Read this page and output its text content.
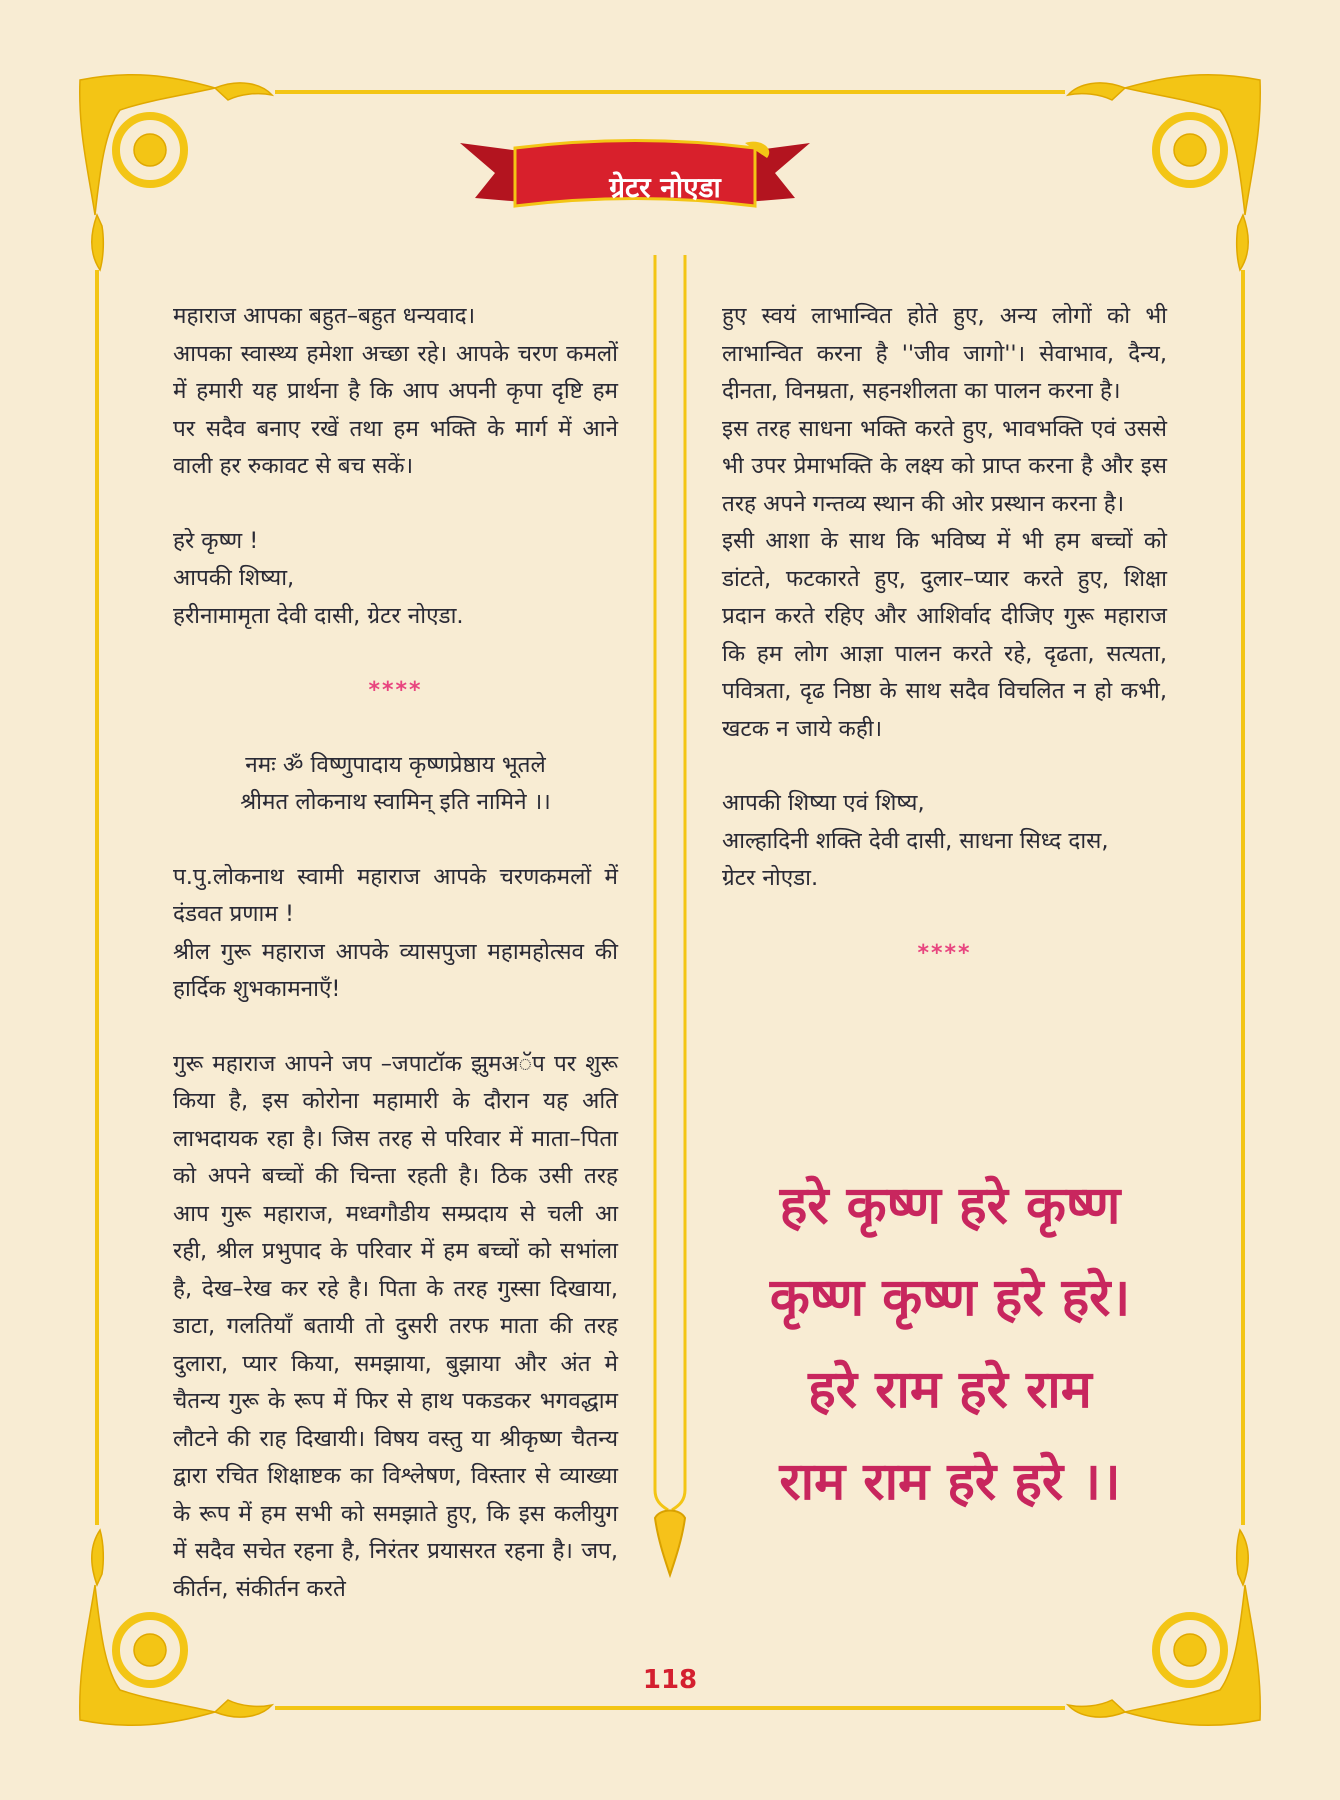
ग्रेटर नोएडा

महाराज आपका बहुत–बहुत धन्यवाद।

आपका स्वास्थ्य हमेशा अच्छा रहे। आपके चरण कमलों में हमारी यह प्रार्थना है कि आप अपनी कृपा दृष्टि हम पर सदैव बनाए रखें तथा हम भक्ति के मार्ग में आने वाली हर रुकावट से बच सकें।

हरे कृष्ण !

आपकी शिष्या,

हरीनामामृता देवी दासी, ग्रेटर नोएडा.

****

नमः ॐ विष्णुपादाय कृष्णप्रेष्ठाय भूतले

श्रीमत लोकनाथ स्वामिन् इति नामिने ।।

प.पु.लोकनाथ स्वामी महाराज आपके चरणकमलों में दंडवत प्रणाम !

श्रील गुरू महाराज आपके व्यासपुजा महामहोत्सव की हार्दिक शुभकामनाएँ!

गुरू महाराज आपने जप –जपाटॉक झुमअॅप पर शुरू किया है, इस कोरोना महामारी के दौरान यह अति लाभदायक रहा है। जिस तरह से परिवार में माता–पिता को अपने बच्चों की चिन्ता रहती है। ठिक उसी तरह आप गुरू महाराज, मध्वगौडीय सम्प्रदाय से चली आ रही, श्रील प्रभुपाद के परिवार में हम बच्चों को सभांला है, देख–रेख कर रहे है। पिता के तरह गुस्सा दिखाया, डाटा, गलतियाँ बतायी तो दुसरी तरफ माता की तरह दुलारा, प्यार किया, समझाया, बुझाया और अंत मे चैतन्य गुरू के रूप में फिर से हाथ पकडकर भगवद्धाम लौटने की राह दिखायी। विषय वस्तु या श्रीकृष्ण चैतन्य द्वारा रचित शिक्षाष्टक का विश्लेषण, विस्तार से व्याख्या के रूप में हम सभी को समझाते हुए, कि इस कलीयुग में सदैव सचेत रहना है, निरंतर प्रयासरत रहना है। जप, कीर्तन, संकीर्तन करते

हुए स्वयं लाभान्वित होते हुए, अन्य लोगों को भी लाभान्वित करना है ''जीव जागो''। सेवाभाव, दैन्य, दीनता, विनम्रता, सहनशीलता का पालन करना है।

इस तरह साधना भक्ति करते हुए, भावभक्ति एवं उससे भी उपर प्रेमाभक्ति के लक्ष्य को प्राप्त करना है और इस तरह अपने गन्तव्य स्थान की ओर प्रस्थान करना है।

इसी आशा के साथ कि भविष्य में भी हम बच्चों को डांटते, फटकारते हुए, दुलार–प्यार करते हुए, शिक्षा प्रदान करते रहिए और आशिर्वाद दीजिए गुरू महाराज कि हम लोग आज्ञा पालन करते रहे, दृढता, सत्यता, पवित्रता, दृढ निष्ठा के साथ सदैव विचलित न हो कभी, खटक न जाये कही।

आपकी शिष्या एवं शिष्य,

आल्हादिनी शक्ति देवी दासी, साधना सिध्द दास,

ग्रेटर नोएडा.

****

हरे कृष्ण हरे कृष्ण
कृष्ण कृष्ण हरे हरे।
हरे राम हरे राम
राम राम हरे हरे ।।
118
